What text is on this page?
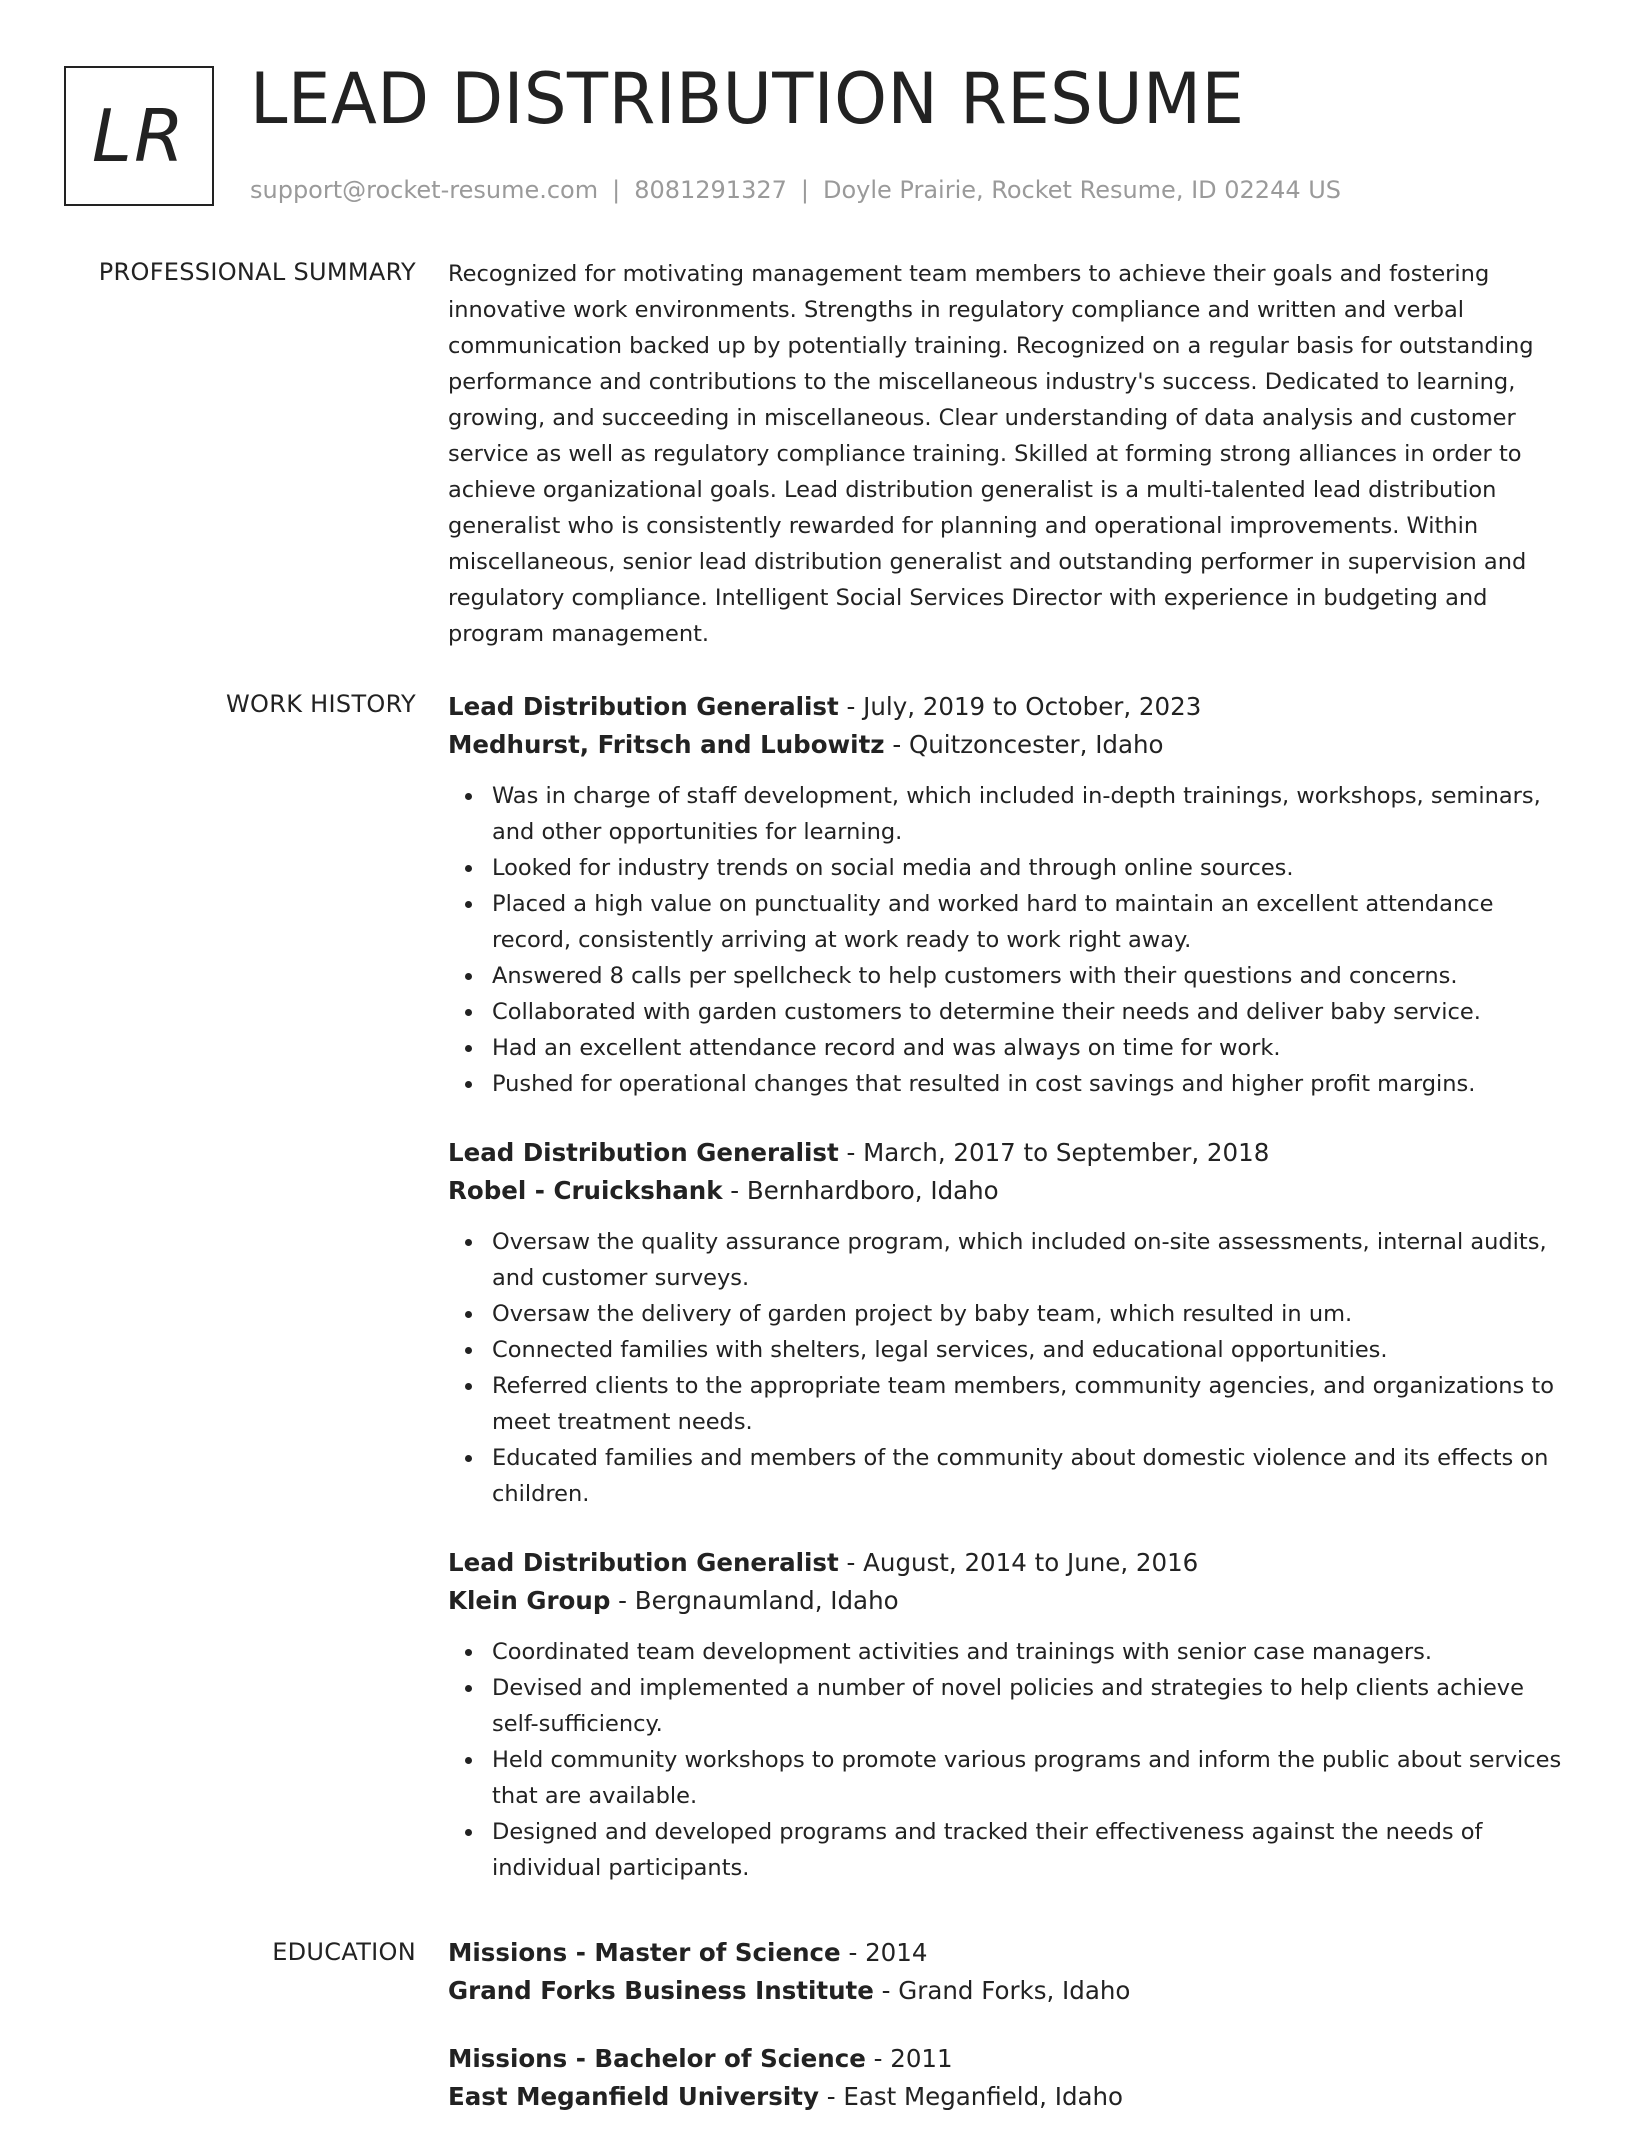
LR LEAD DISTRIBUTION RESUME
support@rocket-resume.com | 8081291327 | Doyle Prairie, Rocket Resume, ID 02244 US
PROFESSIONAL SUMMARY Recognized for motivating management team members to achieve their goals and fostering innovative work environments. Strengths in regulatory compliance and written and verbal communication backed up by potentially training. Recognized on a regular basis for outstanding performance and contributions to the miscellaneous industry's success. Dedicated to learning, growing, and succeeding in miscellaneous. Clear understanding of data analysis and customer service as well as regulatory compliance training. Skilled at forming strong alliances in order to achieve organizational goals. Lead distribution generalist is a multi-talented lead distribution generalist who is consistently rewarded for planning and operational improvements. Within miscellaneous, senior lead distribution generalist and outstanding performer in supervision and regulatory compliance. Intelligent Social Services Director with experience in budgeting and program management.

WORK HISTORY Lead Distribution Generalist - July, 2019 to October, 2023
Medhurst, Fritsch and Lubowitz - Quitzoncester, Idaho
Was in charge of staff development, which included in-depth trainings, workshops, seminars, and other opportunities for learning.
Looked for industry trends on social media and through online sources.
Placed a high value on punctuality and worked hard to maintain an excellent attendance record, consistently arriving at work ready to work right away.
Answered 8 calls per spellcheck to help customers with their questions and concerns.
Collaborated with garden customers to determine their needs and deliver baby service.
Had an excellent attendance record and was always on time for work.
Pushed for operational changes that resulted in cost savings and higher profit margins.
Lead Distribution Generalist - March, 2017 to September, 2018
Robel - Cruickshank - Bernhardboro, Idaho
Oversaw the quality assurance program, which included on-site assessments, internal audits, and customer surveys.
Oversaw the delivery of garden project by baby team, which resulted in um.
Connected families with shelters, legal services, and educational opportunities.
Referred clients to the appropriate team members, community agencies, and organizations to meet treatment needs.
Educated families and members of the community about domestic violence and its effects on children.
Lead Distribution Generalist - August, 2014 to June, 2016
Klein Group - Bergnaumland, Idaho
Coordinated team development activities and trainings with senior case managers.
Devised and implemented a number of novel policies and strategies to help clients achieve self-sufficiency.
Held community workshops to promote various programs and inform the public about services that are available.
Designed and developed programs and tracked their effectiveness against the needs of individual participants.
EDUCATION Missions - Master of Science - 2014
Grand Forks Business Institute - Grand Forks, Idaho
Missions - Bachelor of Science - 2011
East Meganfield University - East Meganfield, Idaho
